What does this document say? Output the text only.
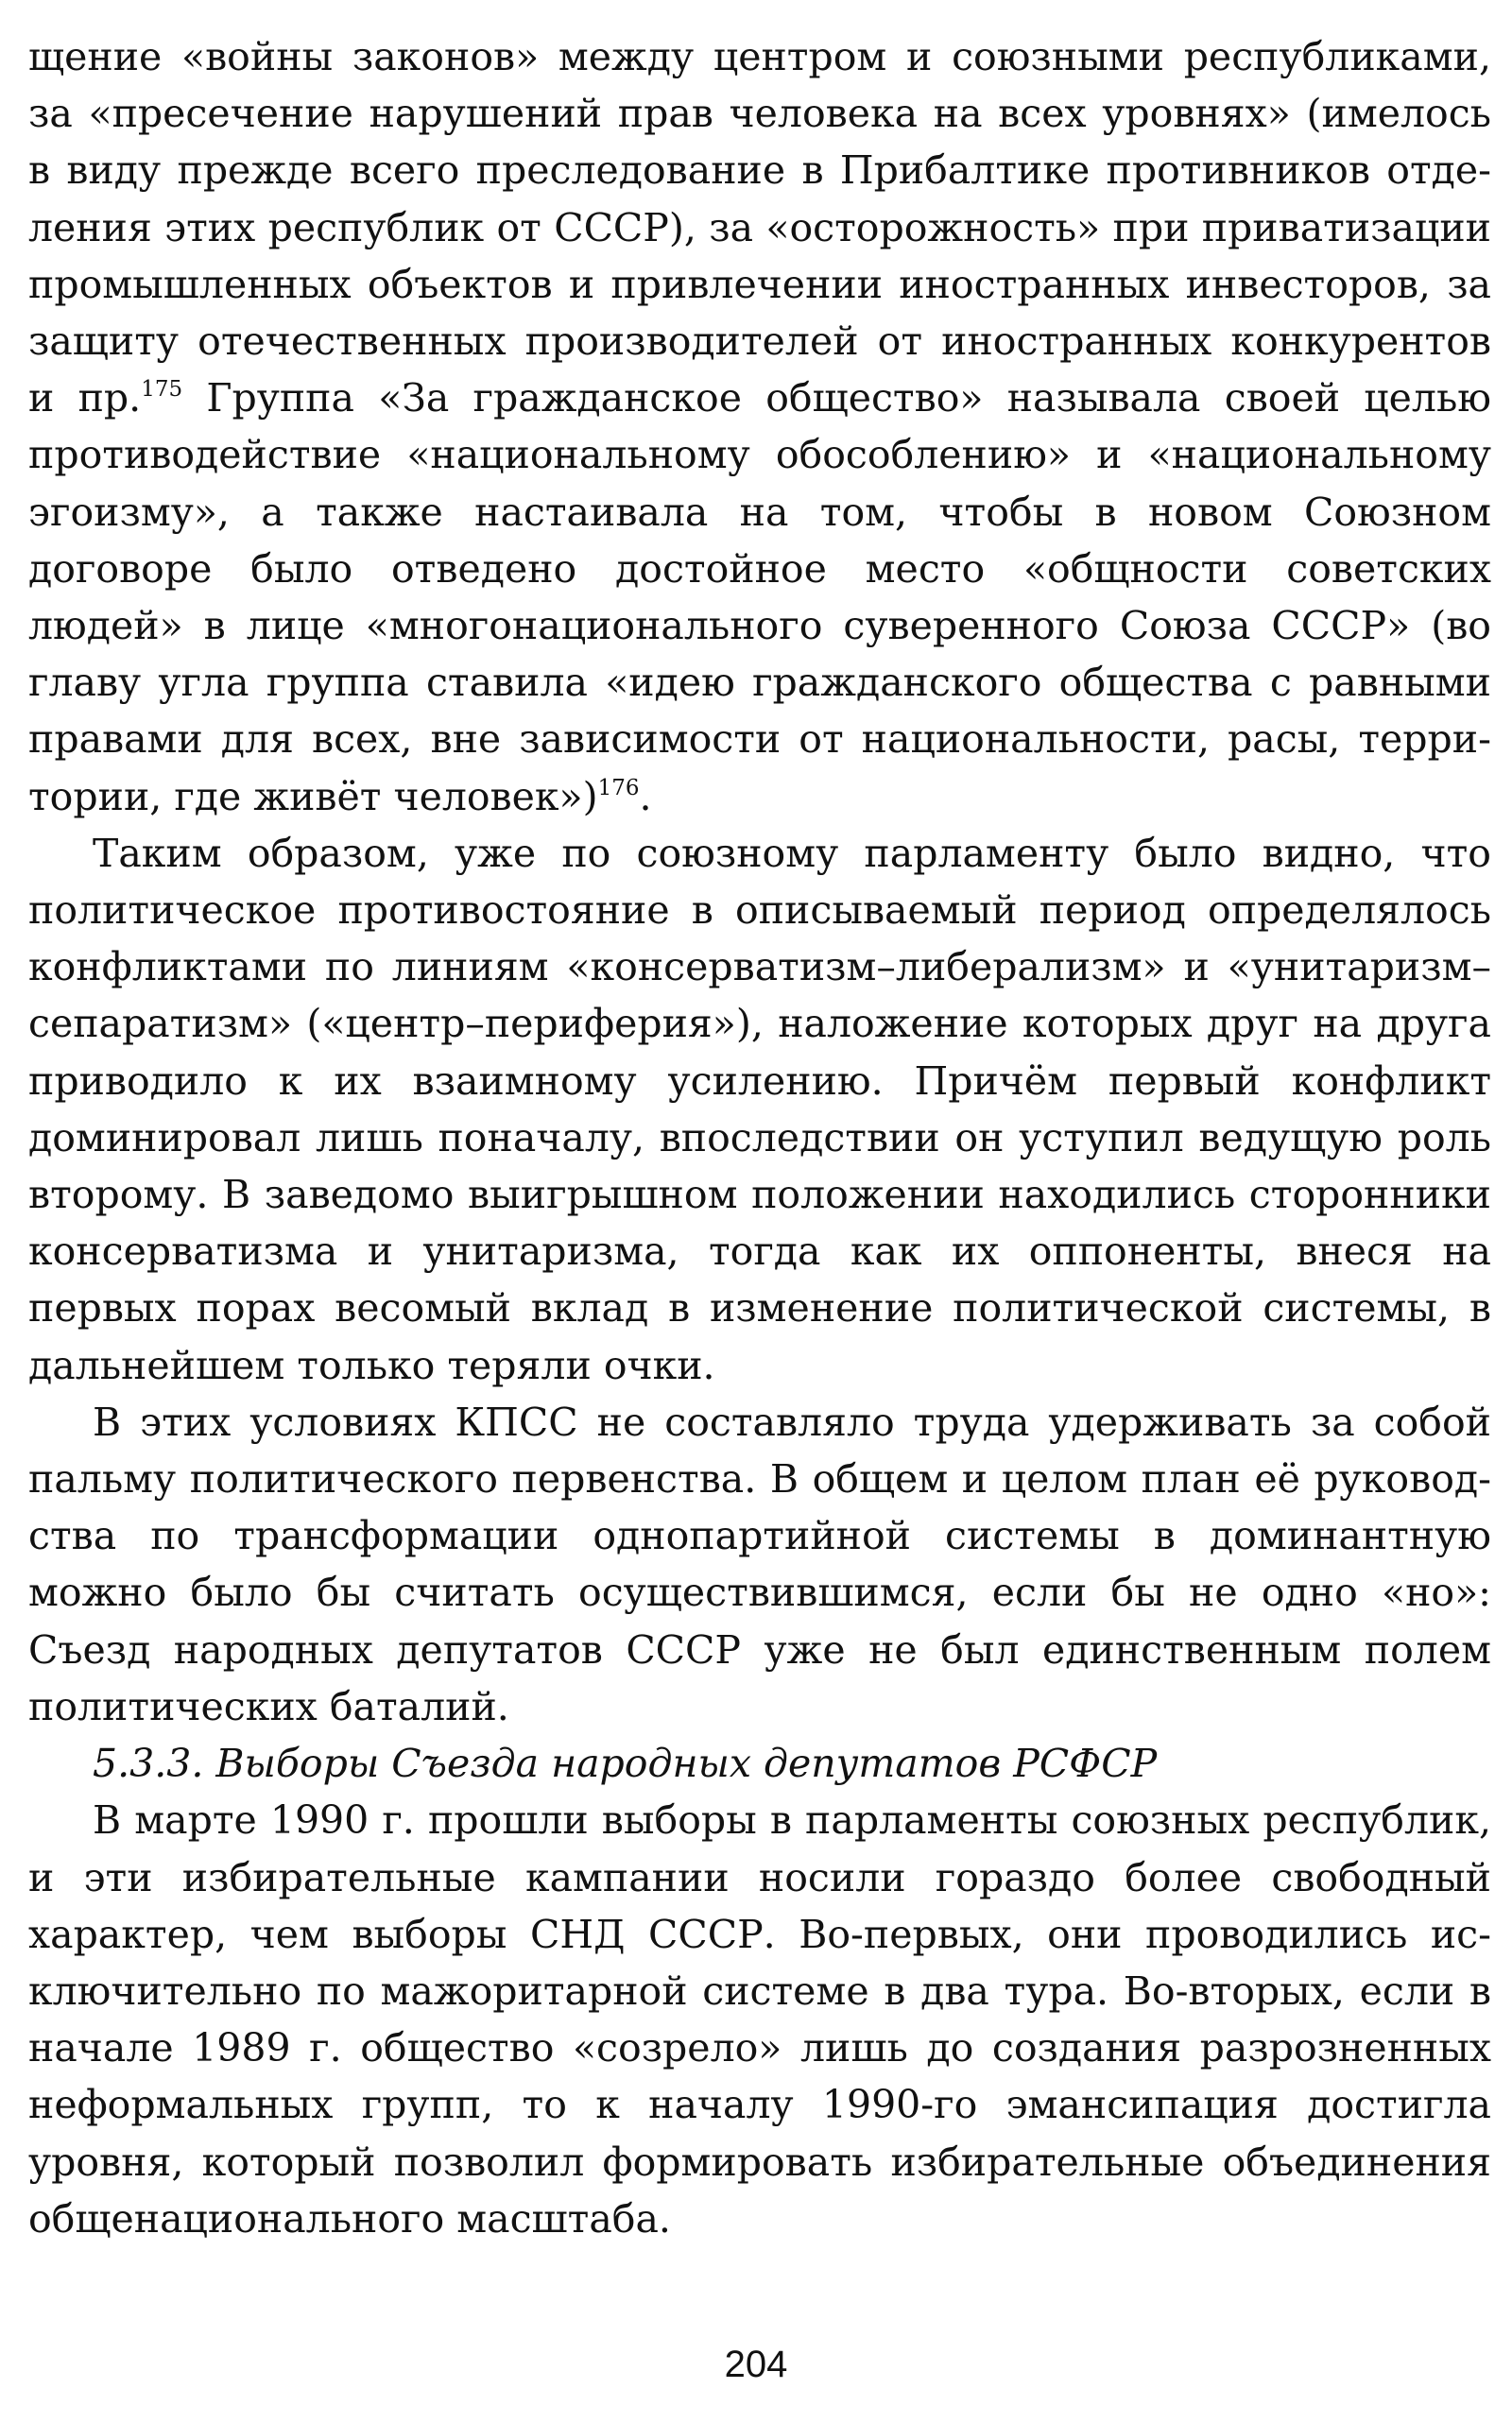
щение «войны законов» между центром и союзными республиками, за «пресечение нарушений прав человека на всех уровнях» (имелось в виду прежде всего преследование в Прибалтике противников отделения этих республик от СССР), за «осторожность» при приватизации промышленных объектов и привлечении иностранных инвесторов, за защиту отечественных производителей от иностранных конкурентов и пр.$^{175}$ Группа «За гражданское общество» называла своей целью противодействие «национальному обособлению» и «национальному эгоизму», а также настаивала на том, чтобы в новом Союзном договоре было отведено достойное место «общности советских людей» в лице «многонационального суверенного Союза СССР» (во главу угла группа ставила «идею гражданского общества с равными правами для всех, вне зависимости от национальности, расы, территории, где живёт человек»)$^{176}$.

Таким образом, уже по союзному парламенту было видно, что политическое противостояние в описываемый период определялось конфликтами по линиям «консерватизм–либерализм» и «унитаризм–сепаратизм» («центр–периферия»), наложение которых друг на друга приводило к их взаимному усилению. Причём первый конфликт доминировал лишь поначалу, впоследствии он уступил ведущую роль второму. В заведомо выигрышном положении находились сторонники консерватизма и унитаризма, тогда как их оппоненты, внеся на первых порах весомый вклад в изменение политической системы, в дальнейшем только теряли очки.

В этих условиях КПСС не составляло труда удерживать за собой пальму политического первенства. В общем и целом план её руководства по трансформации однопартийной системы в доминантную можно было бы считать осуществившимся, если бы не одно «но»: Съезд народных депутатов СССР уже не был единственным полем политических баталий.

5.3.3. Выборы Съезда народных депутатов РСФСР

В марте 1990 г. прошли выборы в парламенты союзных республик, и эти избирательные кампании носили гораздо более свободный характер, чем выборы СНД СССР. Во-первых, они проводились исключительно по мажоритарной системе в два тура. Во-вторых, если в начале 1989 г. общество «созрело» лишь до создания разрозненных неформальных групп, то к началу 1990-го эмансипация достигла уровня, который позволил формировать избирательные объединения общенационального масштаба.

204
